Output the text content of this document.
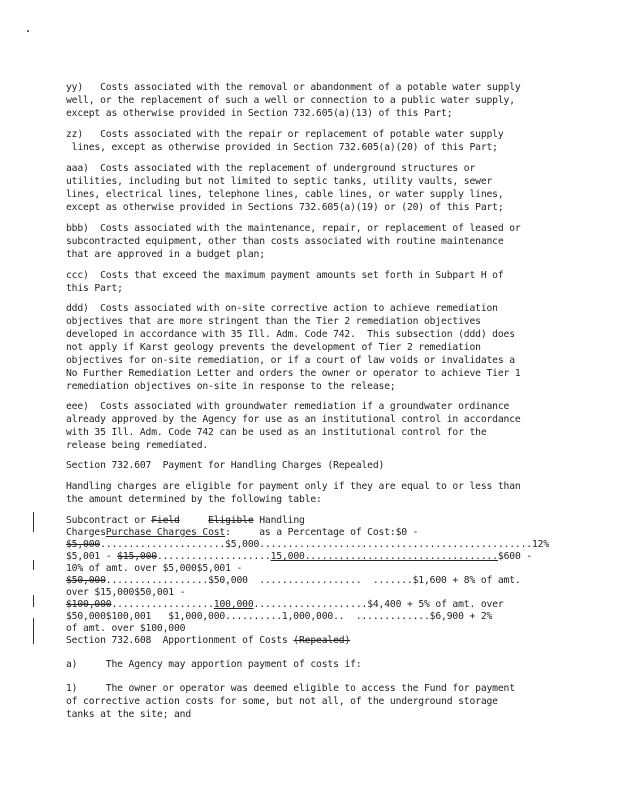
yy)   Costs associated with the removal or abandonment of a potable water supply
well, or the replacement of such a well or connection to a public water supply,
except as otherwise provided in Section 732.605(a)(13) of this Part;
zz)   Costs associated with the repair or replacement of potable water supply
lines, except as otherwise provided in Section 732.605(a)(20) of this Part;
aaa)  Costs associated with the replacement of underground structures or
utilities, including but not limited to septic tanks, utility vaults, sewer
lines, electrical lines, telephone lines, cable lines, or water supply lines,
except as otherwise provided in Sections 732.605(a)(19) or (20) of this Part;
bbb)  Costs associated with the maintenance, repair, or replacement of leased or
subcontracted equipment, other than costs associated with routine maintenance
that are approved in a budget plan;
ccc)  Costs that exceed the maximum payment amounts set forth in Subpart H of
this Part;
ddd)  Costs associated with on-site corrective action to achieve remediation
objectives that are more stringent than the Tier 2 remediation objectives
developed in accordance with 35 Ill. Adm. Code 742.  This subsection (ddd) does
not apply if Karst geology prevents the development of Tier 2 remediation
objectives for on-site remediation, or if a court of law voids or invalidates a
No Further Remediation Letter and orders the owner or operator to achieve Tier 1
remediation objectives on-site in response to the release;
eee)  Costs associated with groundwater remediation if a groundwater ordinance
already approved by the Agency for use as an institutional control in accordance
with 35 Ill. Adm. Code 742 can be used as an institutional control for the
release being remediated.
Section 732.607  Payment for Handling Charges (Repealed)
Handling charges are eligible for payment only if they are equal to or less than
the amount determined by the following table:
Subcontract or Field	Eligible Handling
ChargesPurchase Charges Cost:     as a Percentage of Cost:$0 -
$5,000......................$5,000................................................12%
$5,001 - $15,000....................15,000..................................$600 -
10% of amt. over $5,000$5,001 -
$50,000..................$50,000  ..................  .......$1,600 + 8% of amt.
over $15,000$50,001 -
$100,000..................100,000....................$4,400 + 5% of amt. over
$50,000$100,001   $1,000,000..........1,000,000..  .............$6,900 + 2%
of amt. over $100,000
Section 732.608  Apportionment of Costs (Repealed)
a)     The Agency may apportion payment of costs if:
1)     The owner or operator was deemed eligible to access the Fund for payment
of corrective action costs for some, but not all, of the underground storage
tanks at the site; and
